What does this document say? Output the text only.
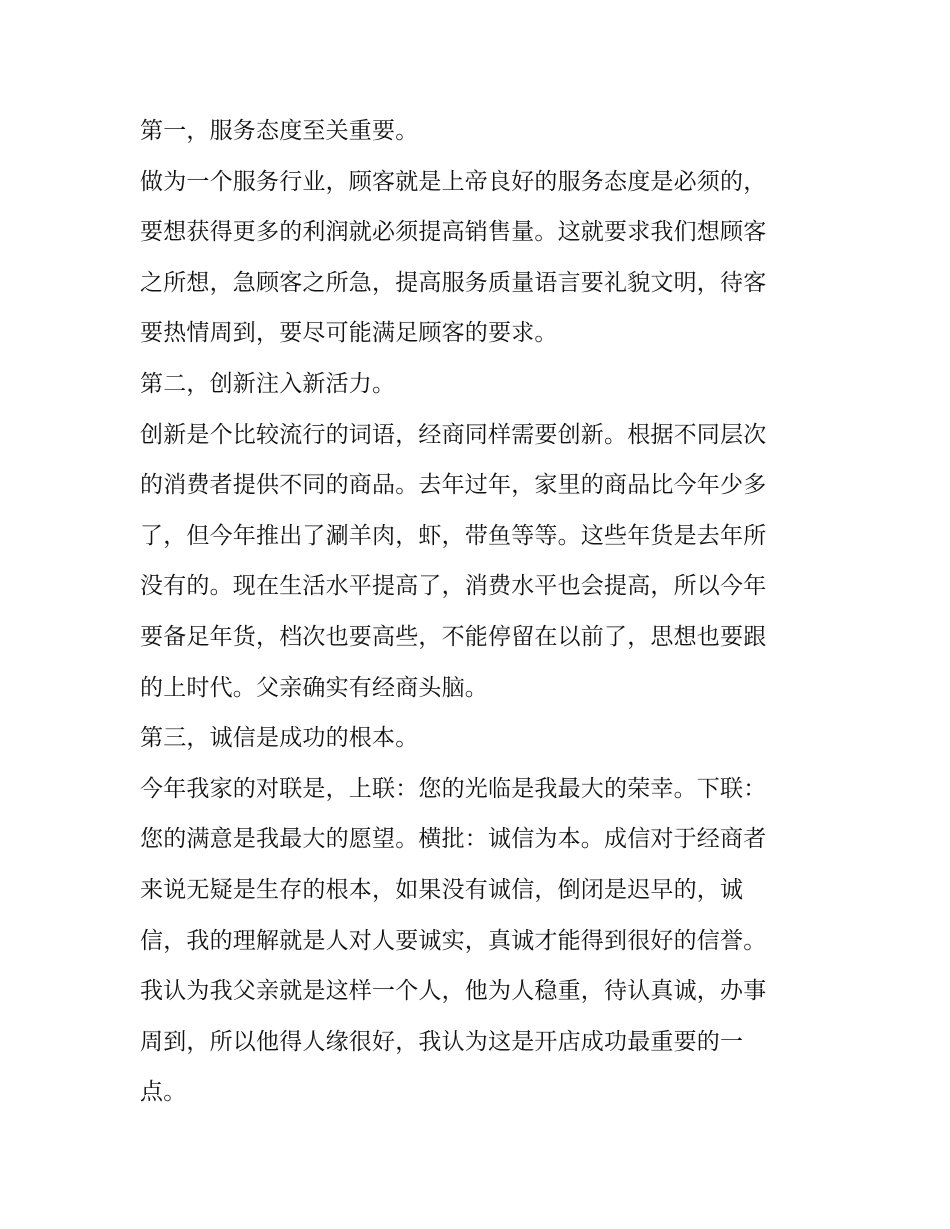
第一，服务态度至关重要。
做为一个服务行业，顾客就是上帝良好的服务态度是必须的，
要想获得更多的利润就必须提高销售量。这就要求我们想顾客
之所想，急顾客之所急，提高服务质量语言要礼貌文明，待客
要热情周到，要尽可能满足顾客的要求。
第二，创新注入新活力。
创新是个比较流行的词语，经商同样需要创新。根据不同层次
的消费者提供不同的商品。去年过年，家里的商品比今年少多
了，但今年推出了涮羊肉，虾，带鱼等等。这些年货是去年所
没有的。现在生活水平提高了，消费水平也会提高，所以今年
要备足年货，档次也要高些，不能停留在以前了，思想也要跟
的上时代。父亲确实有经商头脑。
第三，诚信是成功的根本。
今年我家的对联是，上联：您的光临是我最大的荣幸。下联：
您的满意是我最大的愿望。横批：诚信为本。成信对于经商者
来说无疑是生存的根本，如果没有诚信，倒闭是迟早的，诚
信，我的理解就是人对人要诚实，真诚才能得到很好的信誉。
我认为我父亲就是这样一个人，他为人稳重，待认真诚，办事
周到，所以他得人缘很好，我认为这是开店成功最重要的一
点。
